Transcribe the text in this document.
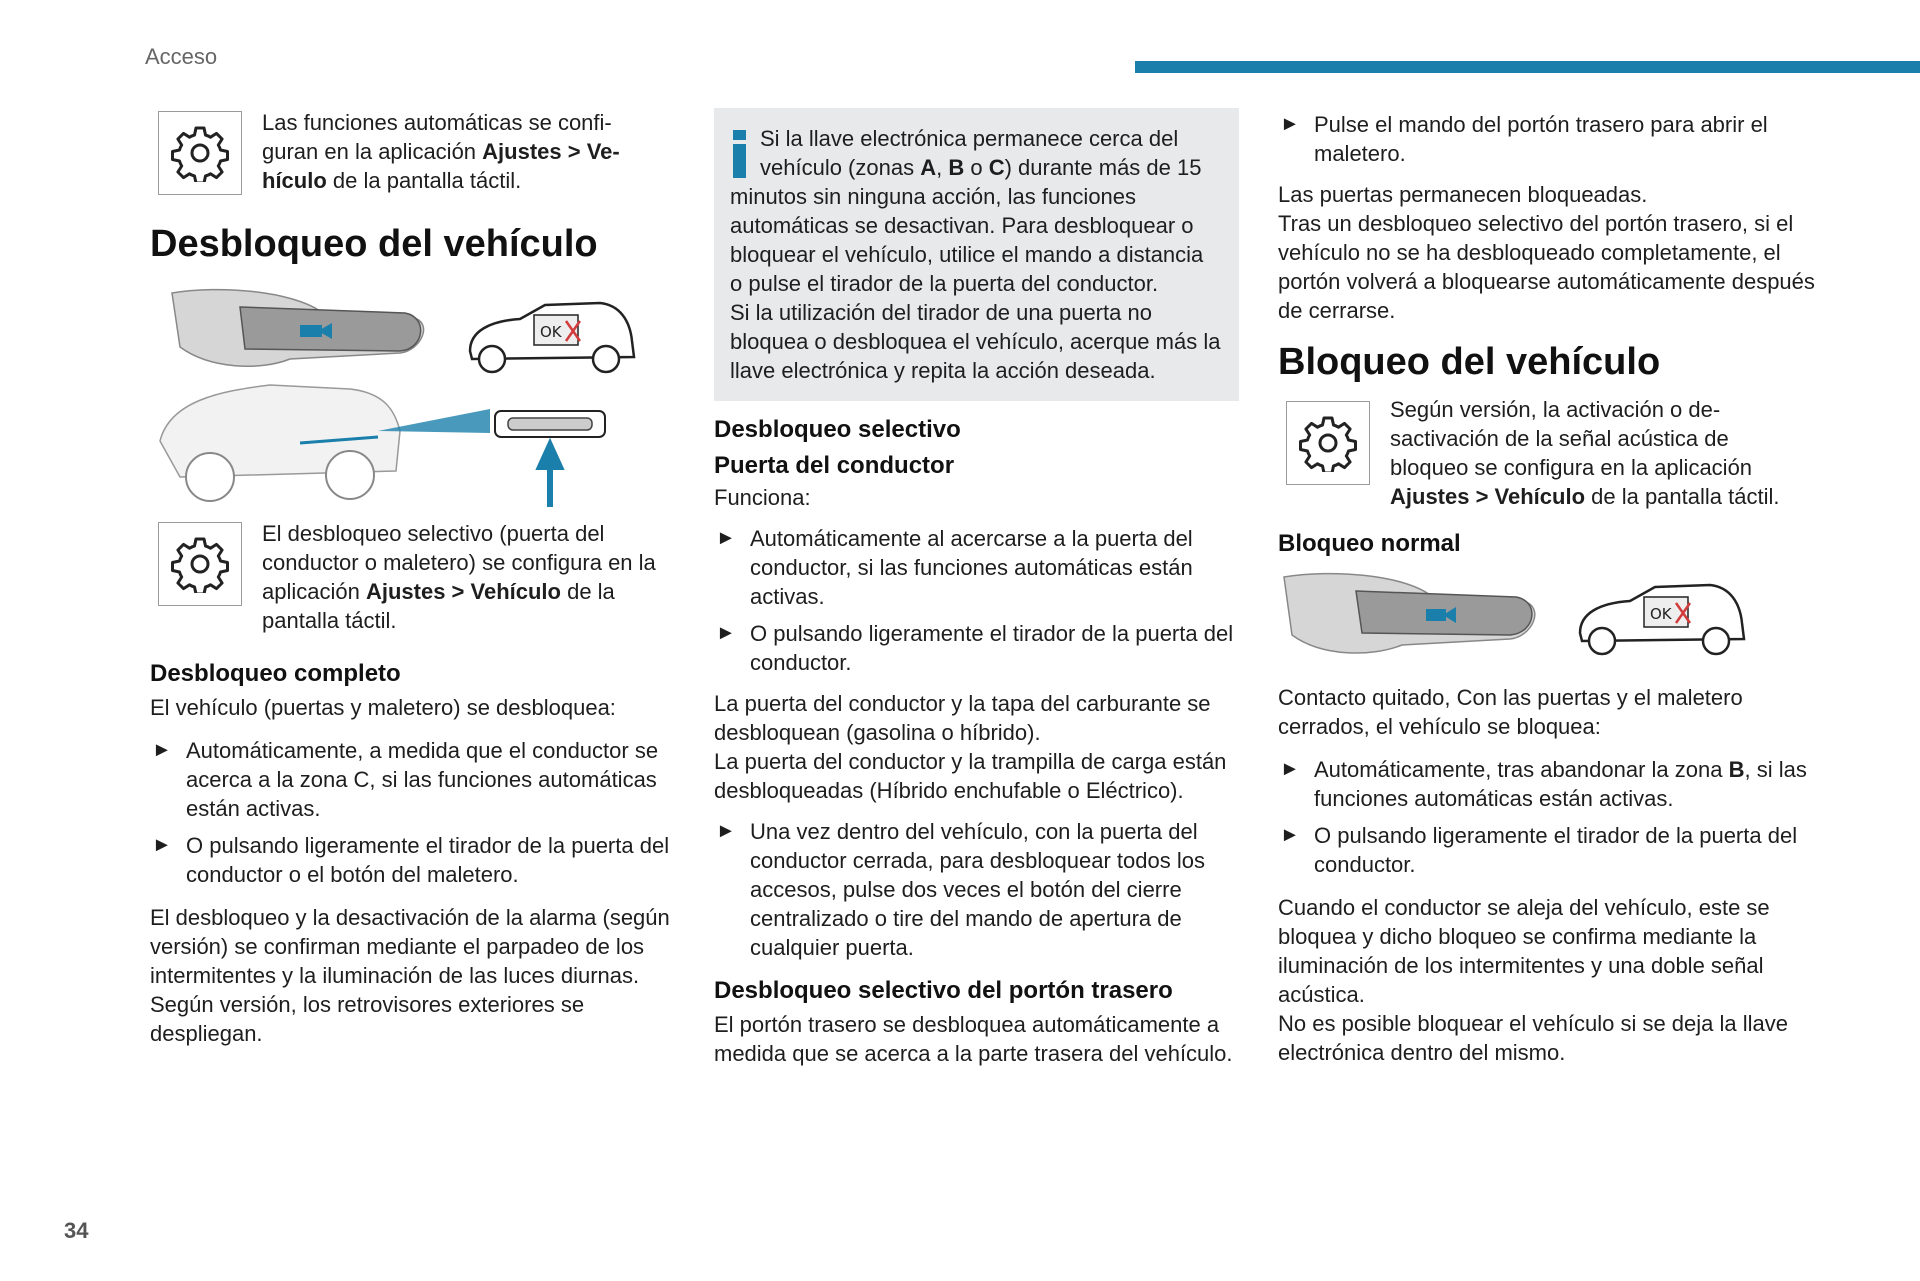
Acceso
34

Las funciones automáticas se confi-
guran en la aplicación Ajustes > Ve-
hículo de la pantalla táctil.

Desbloqueo del vehículo
OK

El desbloqueo selectivo (puerta del conductor o maletero) se configura en la aplicación Ajustes > Vehículo de la pantalla táctil.

Desbloqueo completo

El vehículo (puertas y maletero) se desbloquea:

► Automáticamente, a medida que el conductor se acerca a la zona C, si las funciones automáticas están activas.
► O pulsando ligeramente el tirador de la puerta del conductor o el botón del maletero.

El desbloqueo y la desactivación de la alarma (según versión) se confirman mediante el parpadeo de los intermitentes y la iluminación de las luces diurnas.

Según versión, los retrovisores exteriores se despliegan.

Si la llave electrónica permanece cerca del vehículo (zonas A, B o C) durante más de 15 minutos sin ninguna acción, las funciones automáticas se desactivan. Para desbloquear o bloquear el vehículo, utilice el mando a distancia o pulse el tirador de la puerta del conductor.

Si la utilización del tirador de una puerta no bloquea o desbloquea el vehículo, acerque más la llave electrónica y repita la acción deseada.

Desbloqueo selectivo
Puerta del conductor

Funciona:

► Automáticamente al acercarse a la puerta del conductor, si las funciones automáticas están activas.
► O pulsando ligeramente el tirador de la puerta del conductor.

La puerta del conductor y la tapa del carburante se desbloquean (gasolina o híbrido).

La puerta del conductor y la trampilla de carga están desbloqueadas (Híbrido enchufable o Eléctrico).

► Una vez dentro del vehículo, con la puerta del conductor cerrada, para desbloquear todos los accesos, pulse dos veces el botón del cierre centralizado o tire del mando de apertura de cualquier puerta.
Desbloqueo selectivo del portón trasero

El portón trasero se desbloquea automáticamente a medida que se acerca a la parte trasera del vehículo.

► Pulse el mando del portón trasero para abrir el maletero.

Las puertas permanecen bloqueadas.

Tras un desbloqueo selectivo del portón trasero, si el vehículo no se ha desbloqueado completamente, el portón volverá a bloquearse automáticamente después de cerrarse.

Bloqueo del vehículo

Según versión, la activación o de-sactivación de la señal acústica de bloqueo se configura en la aplicación Ajustes > Vehículo de la pantalla táctil.

Bloqueo normal
OK

Contacto quitado, Con las puertas y el maletero cerrados, el vehículo se bloquea:

► Automáticamente, tras abandonar la zona B, si las funciones automáticas están activas.
► O pulsando ligeramente el tirador de la puerta del conductor.

Cuando el conductor se aleja del vehículo, este se bloquea y dicho bloqueo se confirma mediante la iluminación de los intermitentes y una doble señal acústica.

No es posible bloquear el vehículo si se deja la llave electrónica dentro del mismo.
